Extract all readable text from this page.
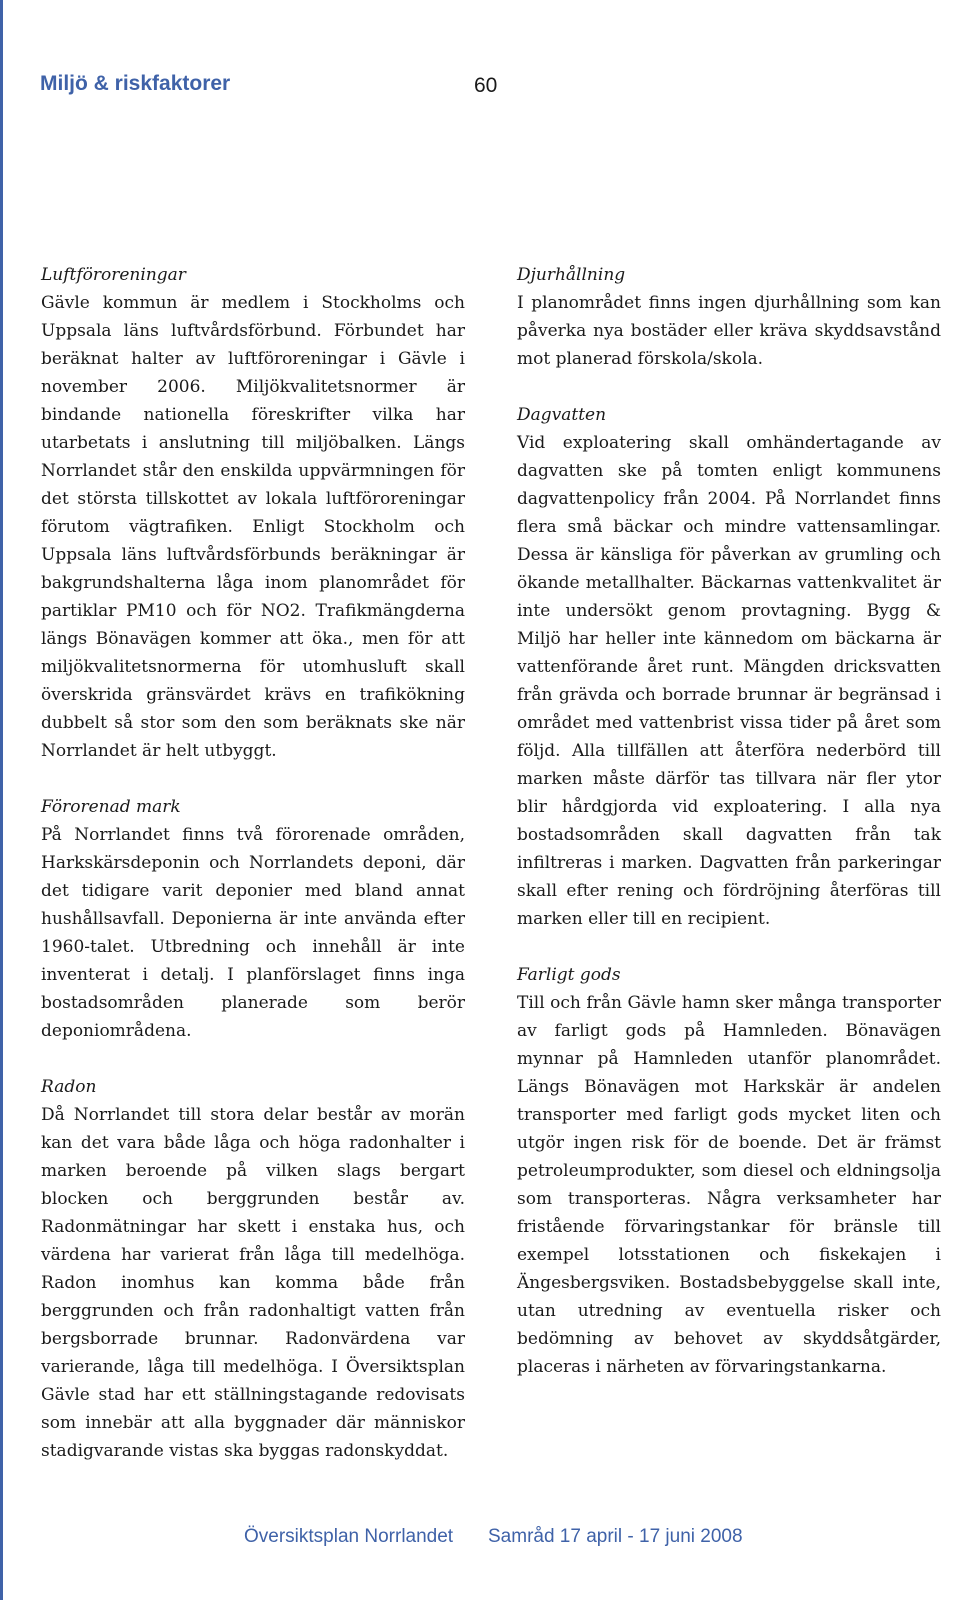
Miljö & riskfaktorer	60
Luftföroreningar

Gävle kommun är medlem i Stockholms och Uppsala läns luftvårdsförbund. Förbundet har beräknat halter av luftföroreningar i Gävle i november 2006. Miljökvalitetsnormer är bindande nationella föreskrifter vilka har utarbetats i anslutning till miljöbalken. Längs Norrlandet står den enskilda uppvärmningen för det största tillskottet av lokala luftföroreningar förutom vägtrafiken. Enligt Stockholm och Uppsala läns luftvårdsförbunds beräkningar är bakgrundshalterna låga inom planområdet för partiklar PM10 och för NO2. Trafikmängderna längs Bönavägen kommer att öka., men för att miljökvalitetsnormerna för utomhusluft skall överskrida gränsvärdet krävs en trafikökning dubbelt så stor som den som beräknats ske när Norrlandet är helt utbyggt.

Förorenad mark

På Norrlandet finns två förorenade områden, Harkskärsdeponin och Norrlandets deponi, där det tidigare varit deponier med bland annat hushållsavfall. Deponierna är inte använda efter 1960-talet. Utbredning och innehåll är inte inventerat i detalj. I planförslaget finns inga bostadsområden planerade som berör deponiområdena.

Radon

Då Norrlandet till stora delar består av morän kan det vara både låga och höga radonhalter i marken beroende på vilken slags bergart blocken och berggrunden består av. Radonmätningar har skett i enstaka hus, och värdena har varierat från låga till medelhöga. Radon inomhus kan komma både från berggrunden och från radonhaltigt vatten från bergsborrade brunnar. Radonvärdena var varierande, låga till medelhöga. I Översiktsplan Gävle stad har ett ställningstagande redovisats som innebär att alla byggnader där människor stadigvarande vistas ska byggas radonskyddat.

Djurhållning

I planområdet finns ingen djurhållning som kan påverka nya bostäder eller kräva skyddsavstånd mot planerad förskola/skola.

Dagvatten

Vid exploatering skall omhändertagande av dagvatten ske på tomten enligt kommunens dagvattenpolicy från 2004. På Norrlandet finns flera små bäckar och mindre vattensamlingar. Dessa är känsliga för påverkan av grumling och ökande metallhalter. Bäckarnas vattenkvalitet är inte undersökt genom provtagning. Bygg & Miljö har heller inte kännedom om bäckarna är vattenförande året runt. Mängden dricksvatten från grävda och borrade brunnar är begränsad i området med vattenbrist vissa tider på året som följd. Alla tillfällen att återföra nederbörd till marken måste därför tas tillvara när fler ytor blir hårdgjorda vid exploatering. I alla nya bostadsområden skall dagvatten från tak infiltreras i marken. Dagvatten från parkeringar skall efter rening och fördröjning återföras till marken eller till en recipient.

Farligt gods

Till och från Gävle hamn sker många transporter av farligt gods på Hamnleden. Bönavägen mynnar på Hamnleden utanför planområdet. Längs Bönavägen mot Harkskär är andelen transporter med farligt gods mycket liten och utgör ingen risk för de boende. Det är främst petroleumprodukter, som diesel och eldningsolja som transporteras. Några verksamheter har fristående förvaringstankar för bränsle till exempel lotsstationen och fiskekajen i Ängesbergsviken. Bostadsbebyggelse skall inte, utan utredning av eventuella risker och bedömning av behovet av skyddsåtgärder, placeras i närheten av förvaringstankarna.

Översiktsplan Norrlandet Samråd 17 april - 17 juni 2008
